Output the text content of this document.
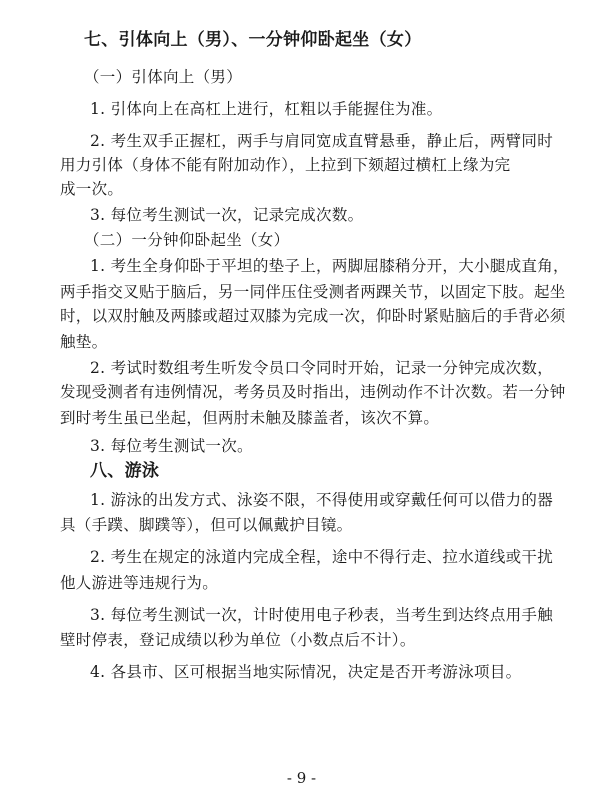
七、引体向上（男）、一分钟仰卧起坐（女）
（一）引体向上（男）
1. 引体向上在高杠上进行，杠粗以手能握住为准。
2. 考生双手正握杠，两手与肩同宽成直臂悬垂，静止后，两臂同时
用力引体（身体不能有附加动作），上拉到下颏超过横杠上缘为完
成一次。
3. 每位考生测试一次，记录完成次数。
（二）一分钟仰卧起坐（女）
1. 考生全身仰卧于平坦的垫子上，两脚屈膝稍分开，大小腿成直角，
两手指交叉贴于脑后，另一同伴压住受测者两踝关节，以固定下肢。起坐
时，以双肘触及两膝或超过双膝为完成一次，仰卧时紧贴脑后的手背必须
触垫。
2. 考试时数组考生听发令员口令同时开始，记录一分钟完成次数，
发现受测者有违例情况，考务员及时指出，违例动作不计次数。若一分钟
到时考生虽已坐起，但两肘未触及膝盖者，该次不算。
3. 每位考生测试一次。
八、游泳
1. 游泳的出发方式、泳姿不限，不得使用或穿戴任何可以借力的器
具（手蹼、脚蹼等），但可以佩戴护目镜。
2. 考生在规定的泳道内完成全程，途中不得行走、拉水道线或干扰
他人游进等违规行为。
3. 每位考生测试一次，计时使用电子秒表，当考生到达终点用手触
壁时停表，登记成绩以秒为单位（小数点后不计）。
4. 各县市、区可根据当地实际情况，决定是否开考游泳项目。
- 9 -
